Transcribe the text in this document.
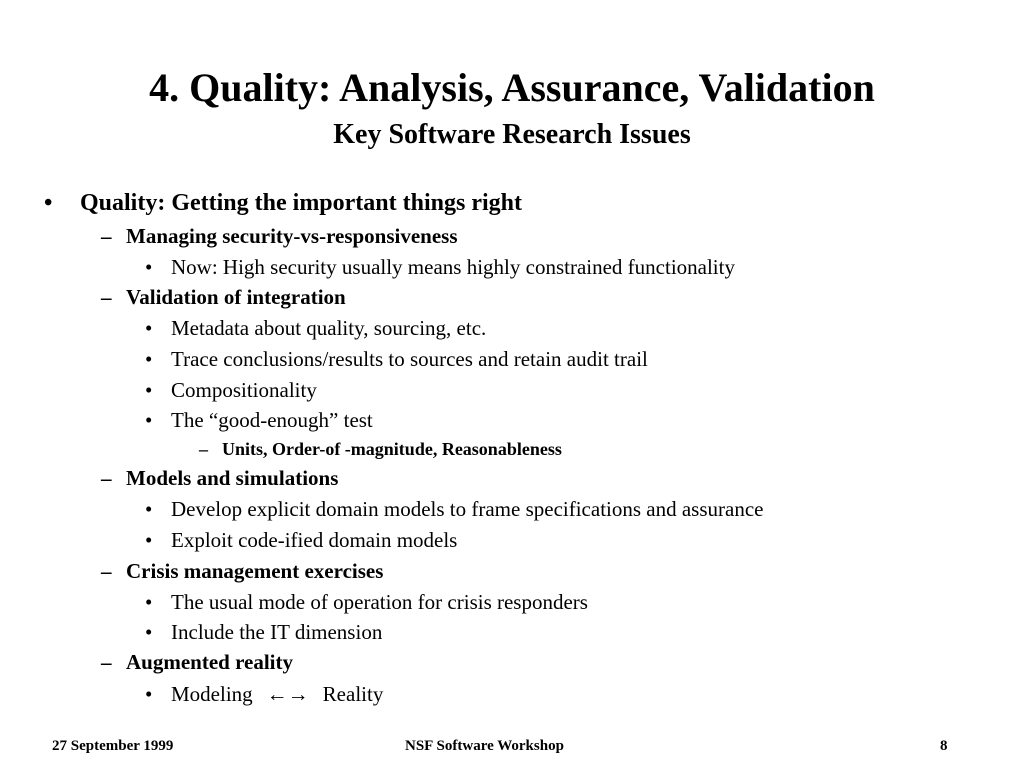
4. Quality: Analysis, Assurance, Validation
Key Software Research Issues
• Quality: Getting the important things right
– Managing security-vs-responsiveness
• Now: High security usually means highly constrained functionality
– Validation of integration
• Metadata about quality, sourcing, etc.
• Trace conclusions/results to sources and retain audit trail
• Compositionality
• The “good-enough” test
– Units, Order-of -magnitude, Reasonableness
– Models and simulations
• Develop explicit domain models to frame specifications and assurance
• Exploit code-ified domain models
– Crisis management exercises
• The usual mode of operation for crisis responders
• Include the IT dimension
– Augmented reality
• Modeling ←→ Reality
27 September 1999	NSF Software Workshop	8
